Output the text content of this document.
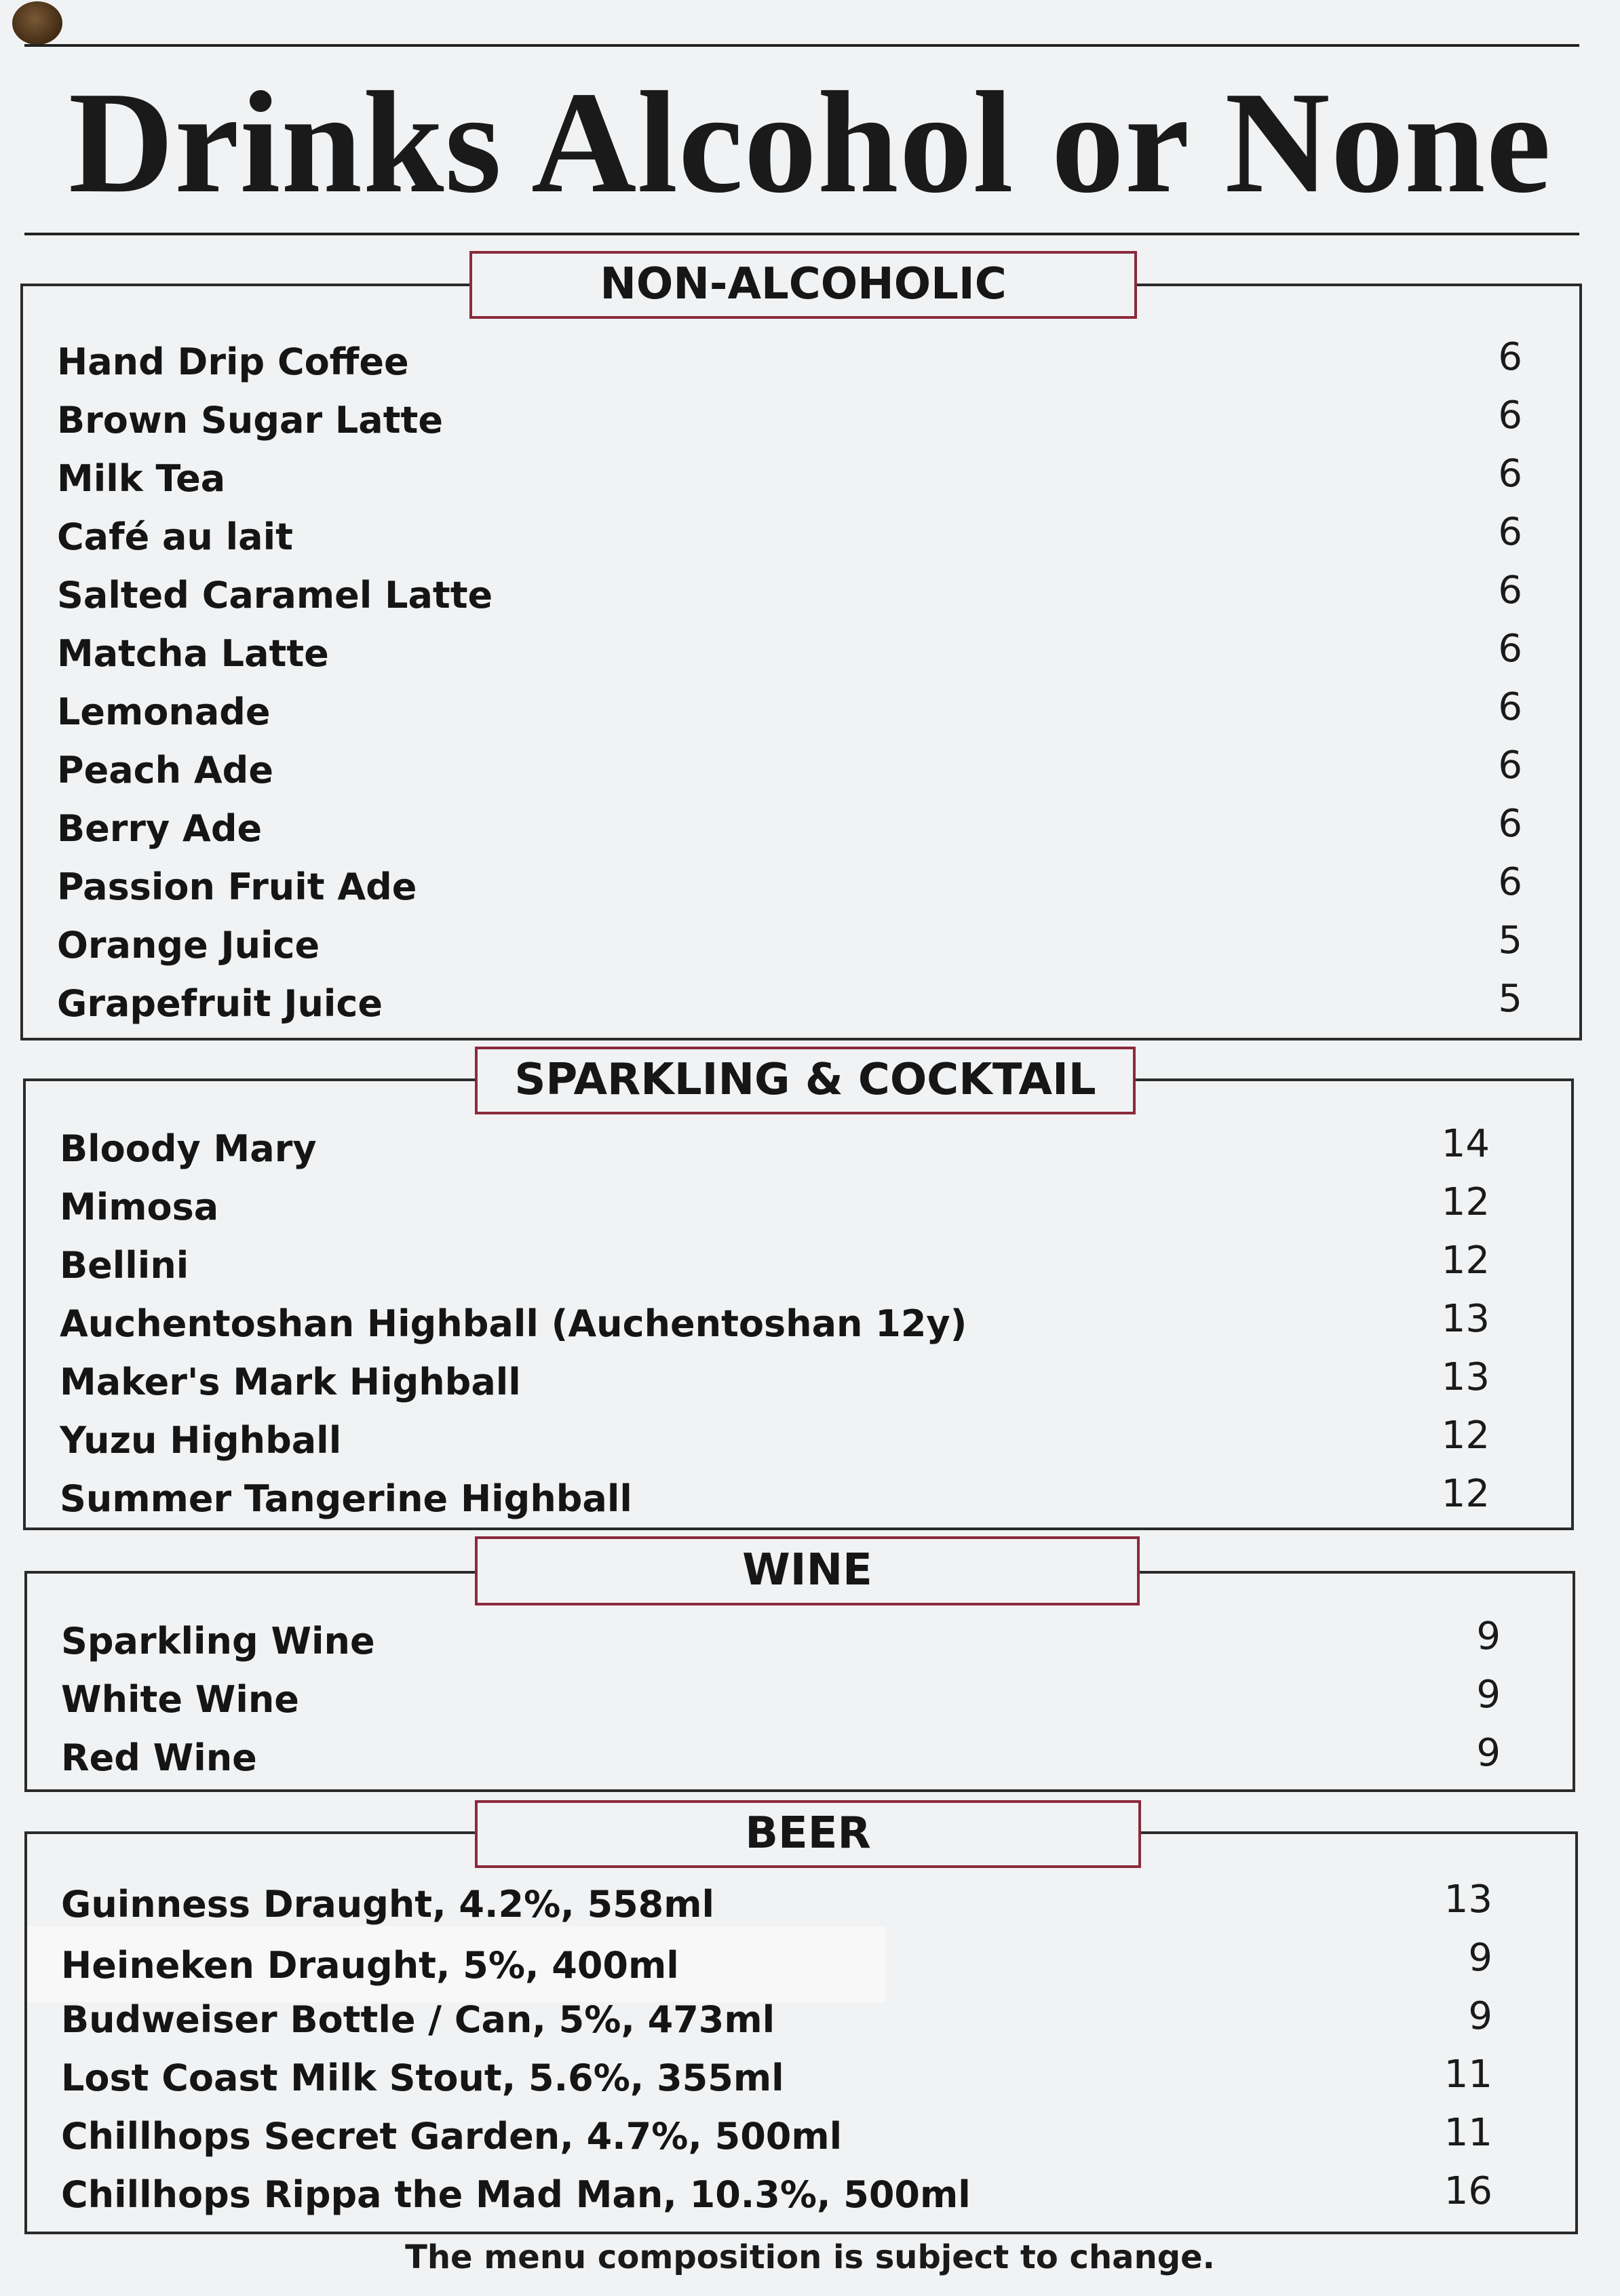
Drinks Alcohol or None
Hand Drip Coffee
Brown Sugar Latte
Milk Tea
Café au lait
Salted Caramel Latte
Matcha Latte
Lemonade
Peach Ade
Berry Ade
Passion Fruit Ade
Orange Juice
Grapefruit Juice
6
6
6
6
6
6
6
6
6
6
5
5
NON-ALCOHOLIC
Bloody Mary
Mimosa
Bellini
Auchentoshan Highball (Auchentoshan 12y)
Maker's Mark Highball
Yuzu Highball
Summer Tangerine Highball
14
12
12
13
13
12
12
SPARKLING & COCKTAIL
Sparkling Wine
White Wine
Red Wine
9
9
9
WINE
Guinness Draught, 4.2%, 558ml
Heineken Draught, 5%, 400ml
Budweiser Bottle / Can, 5%, 473ml
Lost Coast Milk Stout, 5.6%, 355ml
Chillhops Secret Garden, 4.7%, 500ml
Chillhops Rippa the Mad Man, 10.3%, 500ml
13
9
9
11
11
16
BEER
The menu composition is subject to change.
